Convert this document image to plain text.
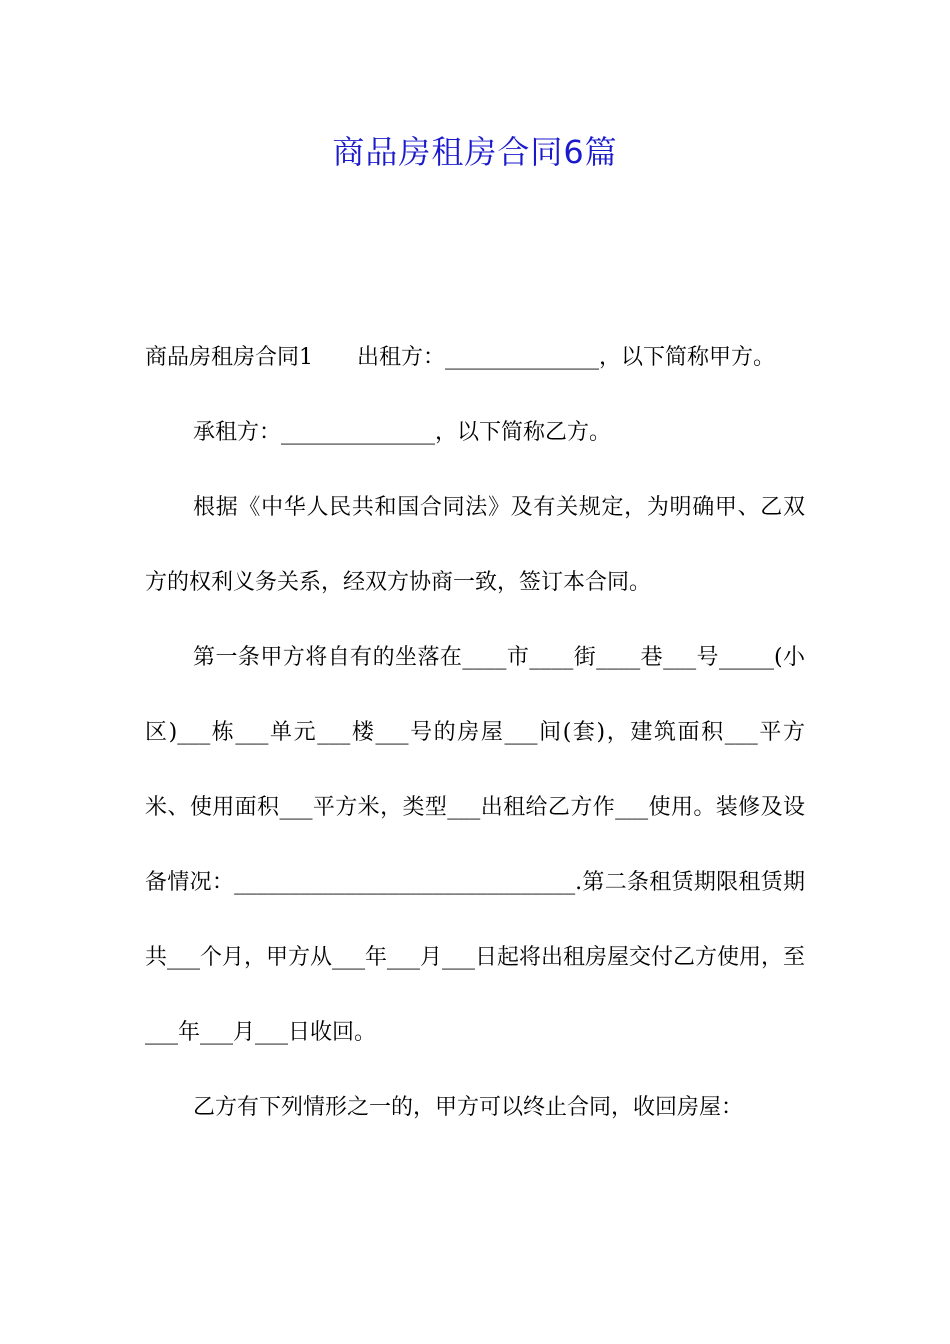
商品房租房合同6篇

商品房租房合同1　　出租方：______________，以下简称甲方。

承租方：______________，以下简称乙方。

根据《中华人民共和国合同法》及有关规定，为明确甲、乙双方的权利义务关系，经双方协商一致，签订本合同。

第一条甲方将自有的坐落在____市____街____巷___号_____(小区)___栋___单元___楼___号的房屋___间(套)，建筑面积___平方米、使用面积___平方米，类型___出租给乙方作___使用。装修及设备情况：_______________________________.第二条租赁期限租赁期共___个月，甲方从___年___月___日起将出租房屋交付乙方使用，至___年___月___日收回。

乙方有下列情形之一的，甲方可以终止合同，收回房屋：
